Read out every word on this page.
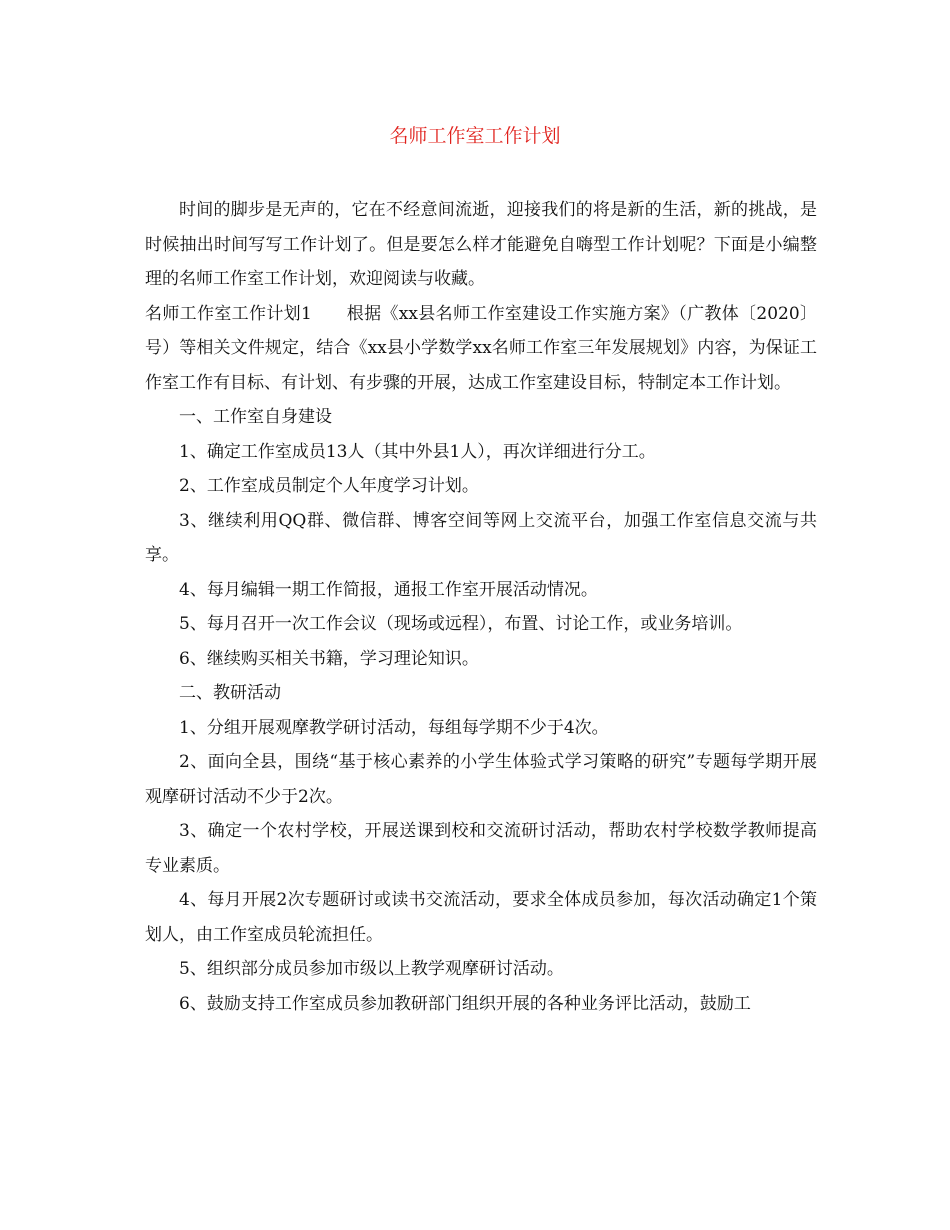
名师工作室工作计划

时间的脚步是无声的，它在不经意间流逝，迎接我们的将是新的生活，新的挑战，是时候抽出时间写写工作计划了。但是要怎么样才能避免自嗨型工作计划呢？下面是小编整理的名师工作室工作计划，欢迎阅读与收藏。

名师工作室工作计划1　　根据《xx县名师工作室建设工作实施方案》（广教体〔2020〕号）等相关文件规定，结合《xx县小学数学xx名师工作室三年发展规划》内容，为保证工作室工作有目标、有计划、有步骤的开展，达成工作室建设目标，特制定本工作计划。

一、工作室自身建设

1、确定工作室成员13人（其中外县1人），再次详细进行分工。

2、工作室成员制定个人年度学习计划。

3、继续利用QQ群、微信群、博客空间等网上交流平台，加强工作室信息交流与共享。

4、每月编辑一期工作简报，通报工作室开展活动情况。

5、每月召开一次工作会议（现场或远程），布置、讨论工作，或业务培训。

6、继续购买相关书籍，学习理论知识。

二、教研活动

1、分组开展观摩教学研讨活动，每组每学期不少于4次。

2、面向全县，围绕“基于核心素养的小学生体验式学习策略的研究”专题每学期开展观摩研讨活动不少于2次。

3、确定一个农村学校，开展送课到校和交流研讨活动，帮助农村学校数学教师提高专业素质。

4、每月开展2次专题研讨或读书交流活动，要求全体成员参加，每次活动确定1个策划人，由工作室成员轮流担任。

5、组织部分成员参加市级以上教学观摩研讨活动。

6、鼓励支持工作室成员参加教研部门组织开展的各种业务评比活动，鼓励工
